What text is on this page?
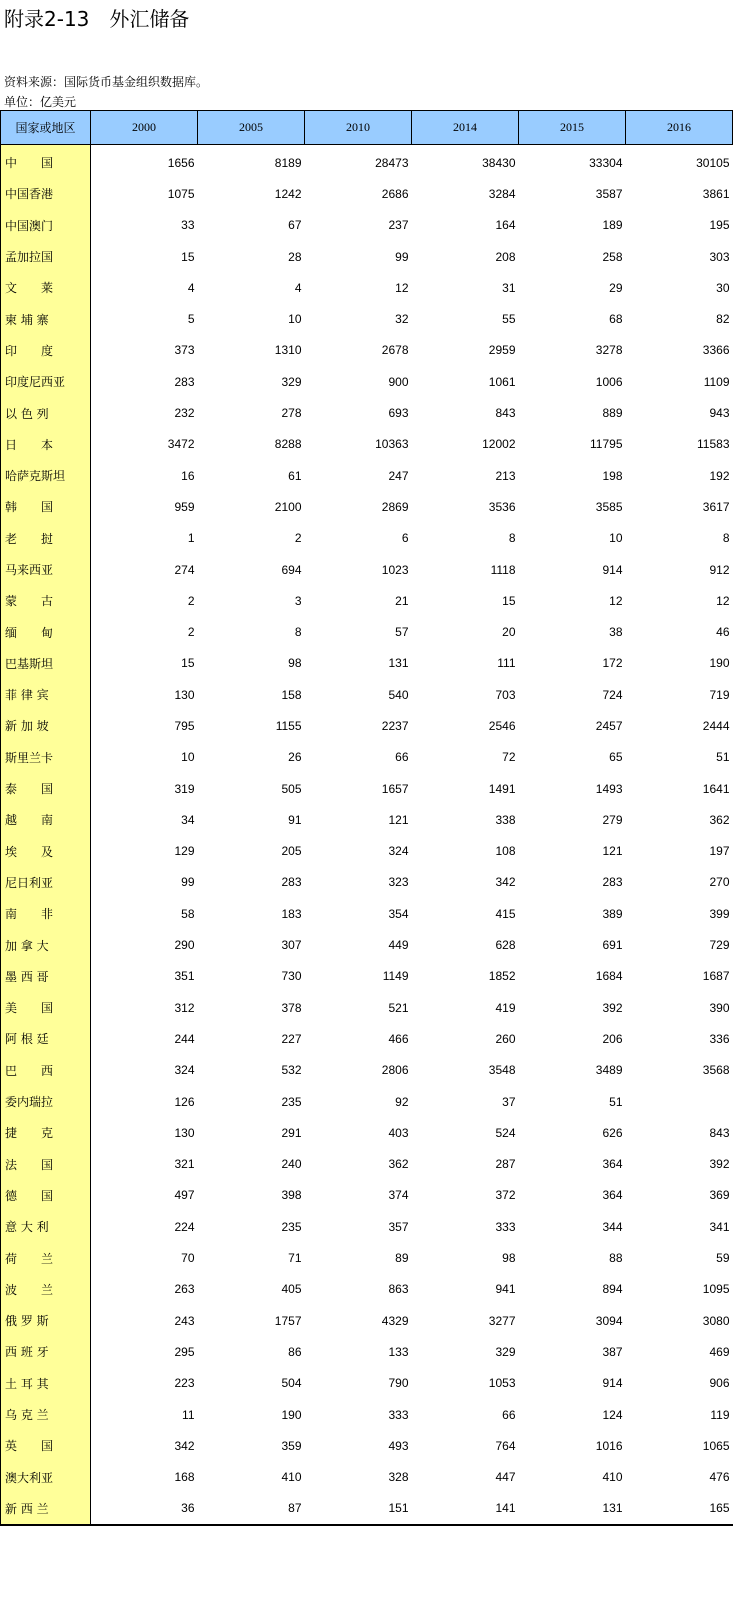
附录2-13　外汇储备
资料来源：国际货币基金组织数据库。
单位：亿美元
国家或地区	2000	2005	2010	2014	2015	2016
中　　国	1656	8189	28473	38430	33304	30105
中国香港	1075	1242	2686	3284	3587	3861
中国澳门	33	67	237	164	189	195
孟加拉国	15	28	99	208	258	303
文　　莱	4	4	12	31	29	30
柬 埔 寨	5	10	32	55	68	82
印　　度	373	1310	2678	2959	3278	3366
印度尼西亚	283	329	900	1061	1006	1109
以 色 列	232	278	693	843	889	943
日　　本	3472	8288	10363	12002	11795	11583
哈萨克斯坦	16	61	247	213	198	192
韩　　国	959	2100	2869	3536	3585	3617
老　　挝	1	2	6	8	10	8
马来西亚	274	694	1023	1118	914	912
蒙　　古	2	3	21	15	12	12
缅　　甸	2	8	57	20	38	46
巴基斯坦	15	98	131	111	172	190
菲 律 宾	130	158	540	703	724	719
新 加 坡	795	1155	2237	2546	2457	2444
斯里兰卡	10	26	66	72	65	51
泰　　国	319	505	1657	1491	1493	1641
越　　南	34	91	121	338	279	362
埃　　及	129	205	324	108	121	197
尼日利亚	99	283	323	342	283	270
南　　非	58	183	354	415	389	399
加 拿 大	290	307	449	628	691	729
墨 西 哥	351	730	1149	1852	1684	1687
美　　国	312	378	521	419	392	390
阿 根 廷	244	227	466	260	206	336
巴　　西	324	532	2806	3548	3489	3568
委内瑞拉	126	235	92	37	51	
捷　　克	130	291	403	524	626	843
法　　国	321	240	362	287	364	392
德　　国	497	398	374	372	364	369
意 大 利	224	235	357	333	344	341
荷　　兰	70	71	89	98	88	59
波　　兰	263	405	863	941	894	1095
俄 罗 斯	243	1757	4329	3277	3094	3080
西 班 牙	295	86	133	329	387	469
土 耳 其	223	504	790	1053	914	906
乌 克 兰	11	190	333	66	124	119
英　　国	342	359	493	764	1016	1065
澳大利亚	168	410	328	447	410	476
新 西 兰	36	87	151	141	131	165
